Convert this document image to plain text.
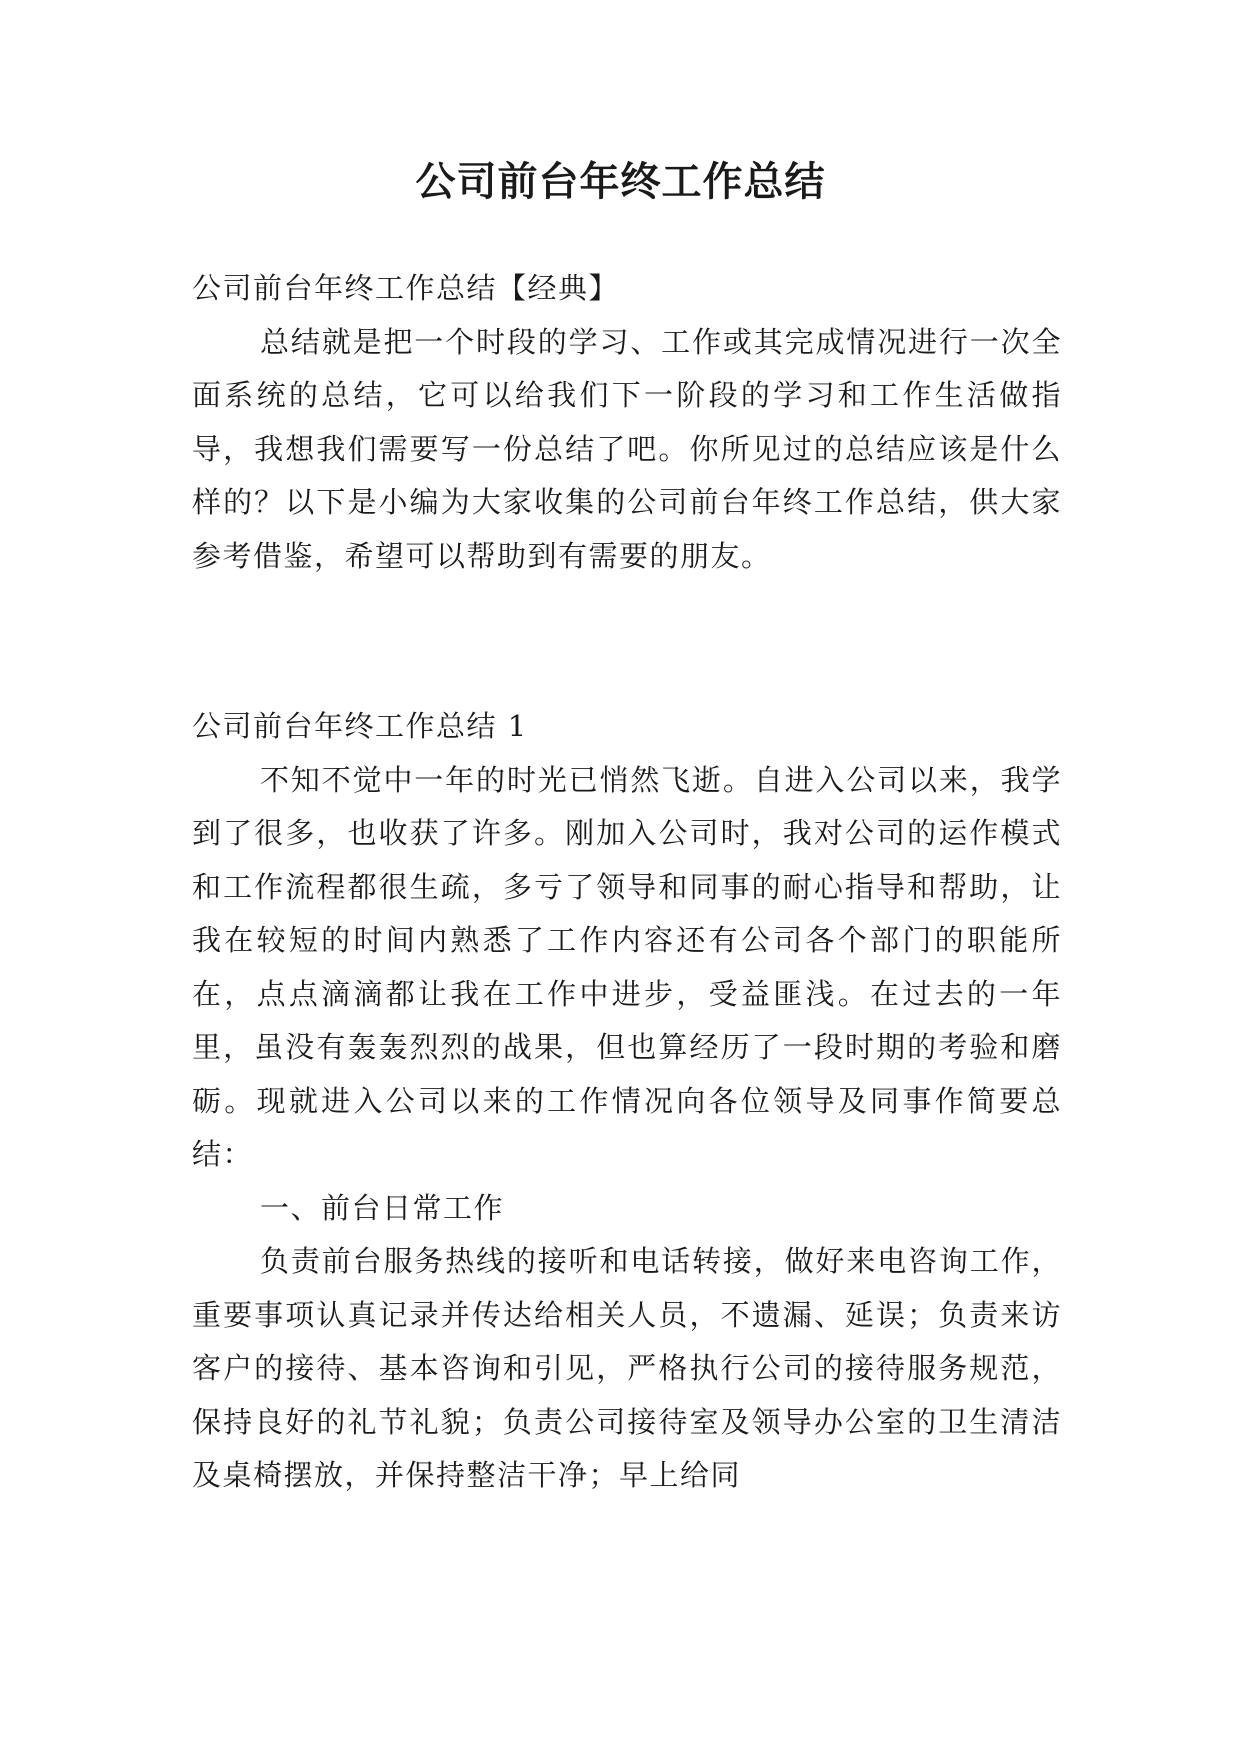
公司前台年终工作总结

公司前台年终工作总结【经典】

总结就是把一个时段的学习、工作或其完成情况进行一次全面系统的总结，它可以给我们下一阶段的学习和工作生活做指导，我想我们需要写一份总结了吧。你所见过的总结应该是什么样的？以下是小编为大家收集的公司前台年终工作总结，供大家参考借鉴，希望可以帮助到有需要的朋友。

公司前台年终工作总结 1

不知不觉中一年的时光已悄然飞逝。自进入公司以来，我学到了很多，也收获了许多。刚加入公司时，我对公司的运作模式和工作流程都很生疏，多亏了领导和同事的耐心指导和帮助，让我在较短的时间内熟悉了工作内容还有公司各个部门的职能所在，点点滴滴都让我在工作中进步，受益匪浅。在过去的一年里，虽没有轰轰烈烈的战果，但也算经历了一段时期的考验和磨砺。现就进入公司以来的工作情况向各位领导及同事作简要总结：

一、前台日常工作

负责前台服务热线的接听和电话转接，做好来电咨询工作，重要事项认真记录并传达给相关人员，不遗漏、延误；负责来访客户的接待、基本咨询和引见，严格执行公司的接待服务规范，保持良好的礼节礼貌；负责公司接待室及领导办公室的卫生清洁及桌椅摆放，并保持整洁干净；早上给同
